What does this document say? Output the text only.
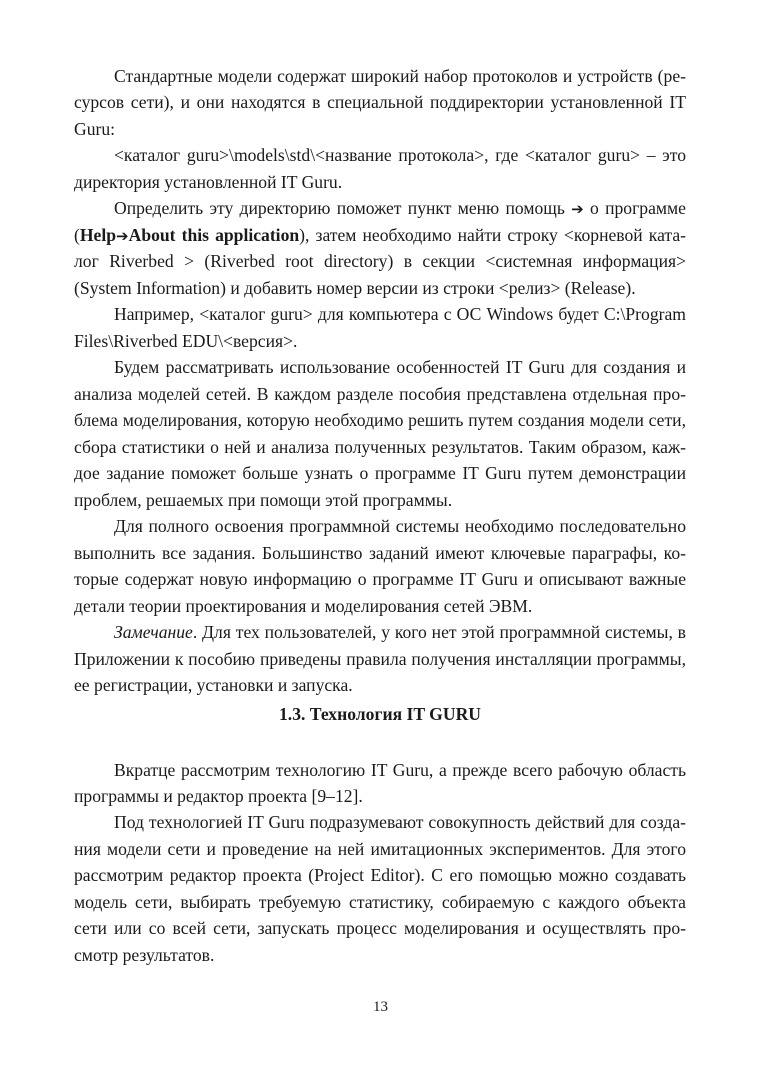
Стандартные модели содержат широкий набор протоколов и устройств (ре-
сурсов сети), и они находятся в специальной поддиректории установленной IT
Guru:
<каталог guru>\models\std\<название протокола>, где <каталог guru> – это
директория установленной IT Guru.
Определить эту директорию поможет пункт меню помощь ➔ о программе
(Help➔About this application), затем необходимо найти строку <корневой ката-
лог Riverbed > (Riverbed root directory) в секции <системная информация>
(System Information) и добавить номер версии из строки <релиз> (Release).
Например, <каталог guru> для компьютера с ОС Windows будет C:\Program
Files\Riverbed EDU\<версия>.
Будем рассматривать использование особенностей IT Guru для создания и
анализа моделей сетей. В каждом разделе пособия представлена отдельная про-
блема моделирования, которую необходимо решить путем создания модели сети,
сбора статистики о ней и анализа полученных результатов. Таким образом, каж-
дое задание поможет больше узнать о программе IT Guru путем демонстрации
проблем, решаемых при помощи этой программы.
Для полного освоения программной системы необходимо последовательно
выполнить все задания. Большинство заданий имеют ключевые параграфы, ко-
торые содержат новую информацию о программе IT Guru и описывают важные
детали теории проектирования и моделирования сетей ЭВМ.
Замечание. Для тех пользователей, у кого нет этой программной системы, в
Приложении к пособию приведены правила получения инсталляции программы,
ее регистрации, установки и запуска.
1.3. Технология IT GURU
Вкратце рассмотрим технологию IT Guru, а прежде всего рабочую область
программы и редактор проекта [9–12].
Под технологией IT Guru подразумевают совокупность действий для созда-
ния модели сети и проведение на ней имитационных экспериментов. Для этого
рассмотрим редактор проекта (Project Editor). С его помощью можно создавать
модель сети, выбирать требуемую статистику, собираемую с каждого объекта
сети или со всей сети, запускать процесс моделирования и осуществлять про-
смотр результатов.
13
